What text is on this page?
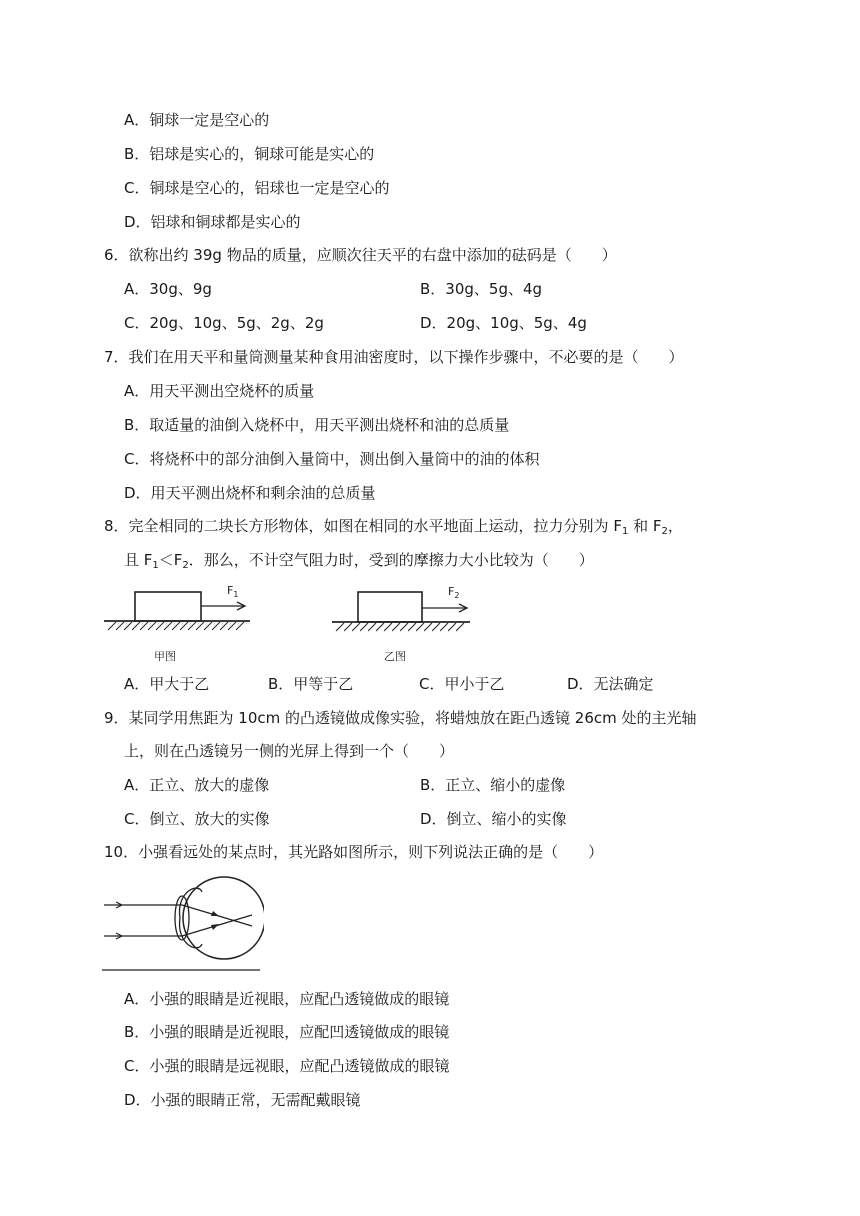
A．铜球一定是空心的
B．铝球是实心的，铜球可能是实心的
C．铜球是空心的，铝球也一定是空心的
D．铝球和铜球都是实心的
6．欲称出约 39g 物品的质量，应顺次往天平的右盘中添加的砝码是（　　）
A．30g、9g	B．30g、5g、4g
C．20g、10g、5g、2g、2g	D．20g、10g、5g、4g
7．我们在用天平和量筒测量某种食用油密度时，以下操作步骤中，不必要的是（　　）
A．用天平测出空烧杯的质量
B．取适量的油倒入烧杯中，用天平测出烧杯和油的总质量
C．将烧杯中的部分油倒入量筒中，测出倒入量筒中的油的体积
D．用天平测出烧杯和剩余油的总质量
8．完全相同的二块长方形物体，如图在相同的水平地面上运动，拉力分别为 $F_1$ 和 $F_2$，
且 $F_1<F_2$．那么，不计空气阻力时，受到的摩擦力大小比较为（　　）
$F_1$
甲图
$F_2$
乙图
A．甲大于乙	B．甲等于乙	C．甲小于乙	D．无法确定
9．某同学用焦距为 10cm 的凸透镜做成像实验，将蜡烛放在距凸透镜 26cm 处的主光轴
上，则在凸透镜另一侧的光屏上得到一个（　　）
A．正立、放大的虚像	B．正立、缩小的虚像
C．倒立、放大的实像	D．倒立、缩小的实像
10．小强看远处的某点时，其光路如图所示，则下列说法正确的是（　　）
A．小强的眼睛是近视眼，应配凸透镜做成的眼镜
B．小强的眼睛是近视眼，应配凹透镜做成的眼镜
C．小强的眼睛是远视眼，应配凸透镜做成的眼镜
D．小强的眼睛正常，无需配戴眼镜
